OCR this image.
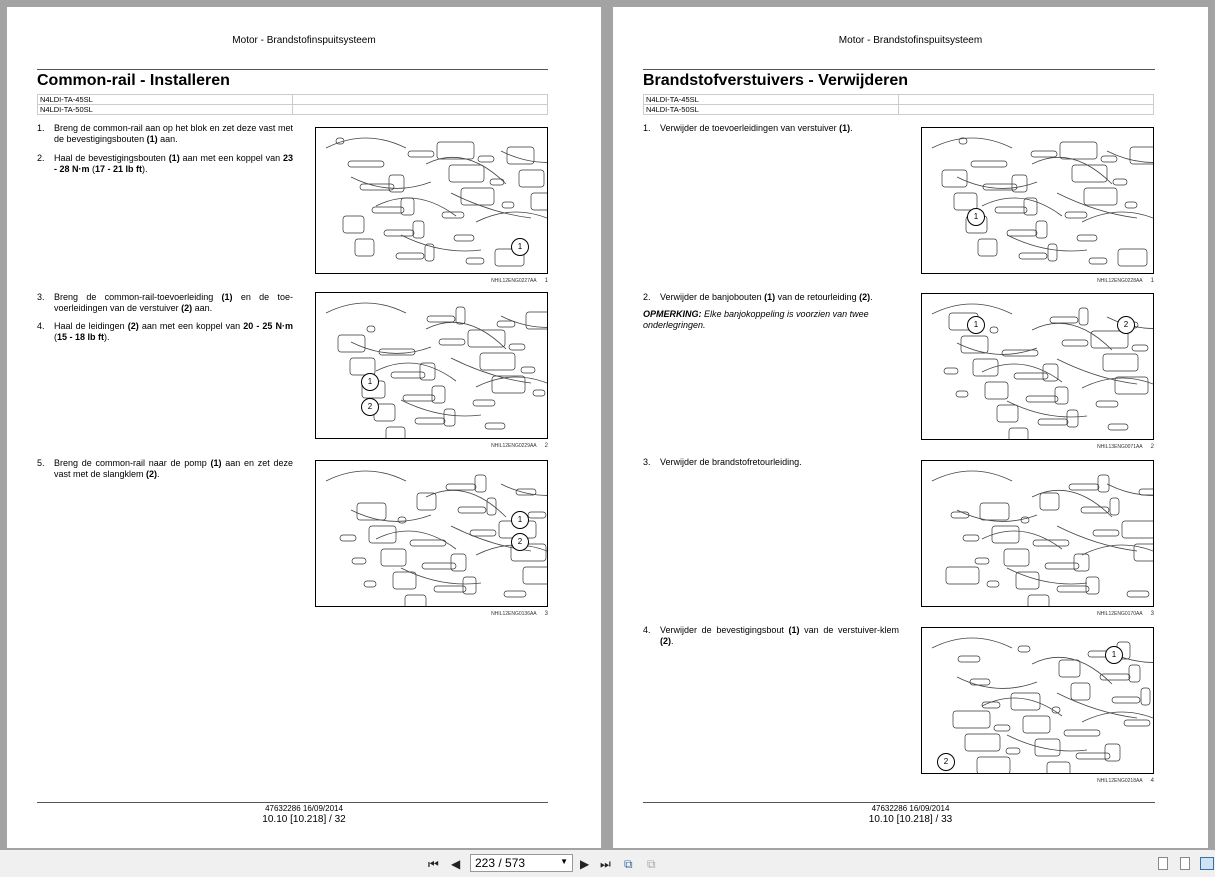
Motor - Brandstofinspuitsysteem
Common-rail - Installeren
N4LDI-TA-45SL	
N4LDI-TA-50SL	
1. Breng de common-rail aan op het blok en zet deze vast met de bevestigingsbouten (1) aan.
2. Haal de bevestigingsbouten (1) aan met een koppel van 23 - 28 N·m (17 - 21 lb ft).
3. Breng de common-rail-toevoerleiding (1) en de toe-voerleidingen van de verstuiver (2) aan.
4. Haal de leidingen (2) aan met een koppel van 20 - 25 N·m (15 - 18 lb ft).
5. Breng de common-rail naar de pomp (1) aan en zet deze vast met de slangklem (2).
1
NHIL12ENG0227AA 1
1
2
NHIL12ENG0229AA 2
1
2
NHIL12ENG0136AA 3
47632286 16/09/2014
10.10 [10.218] / 32
Motor - Brandstofinspuitsysteem
Brandstofverstuivers - Verwijderen
N4LDI-TA-45SL	
N4LDI-TA-50SL	
1. Verwijder de toevoerleidingen van verstuiver (1).
2. Verwijder de banjobouten (1) van de retourleiding (2).
3. Verwijder de brandstofretourleiding.
4. Verwijder de bevestigingsbout (1) van de verstuiver-klem (2).
OPMERKING: Elke banjokoppeling is voorzien van twee onderlegringen.
1
NHIL12ENG0228AA 1
1	2
NHIL13ENG0071AA 2
NHIL12ENG0170AA 3
1
2
NHIL12ENG0218AA 4
47632286 16/09/2014
10.10 [10.218] / 33
⏮ ◀	223 / 573	▼ ▶ ⏭ ⧉ ⧉
